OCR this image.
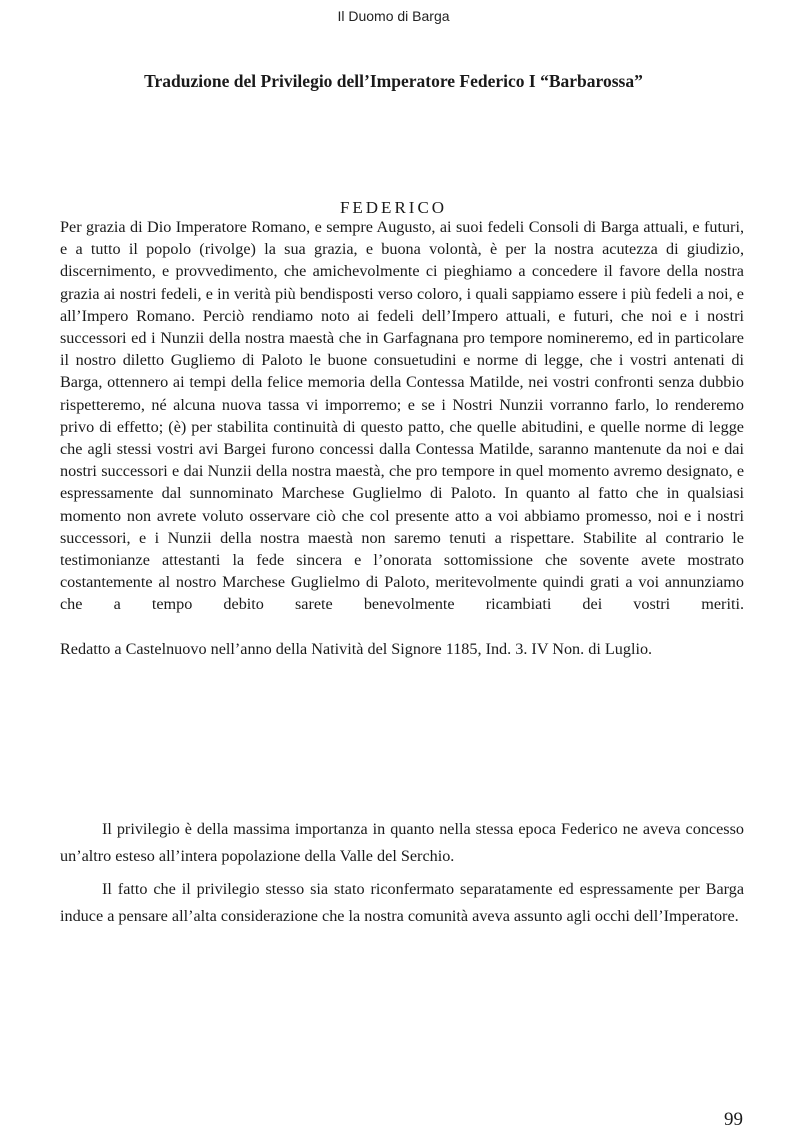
Il Duomo di Barga
Traduzione del Privilegio dell’Imperatore Federico I “Barbarossa”
FEDERICO

Per grazia di Dio Imperatore Romano, e sempre Augusto, ai suoi fedeli Consoli di Barga attuali, e futuri, e a tutto il popolo (rivolge) la sua grazia, e buona volontà, è per la nostra acutezza di giudizio, discernimento, e provvedimento, che amichevolmente ci pieghiamo a concedere il favore della nostra grazia ai nostri fedeli, e in verità più bendisposti verso coloro, i quali sappiamo essere i più fedeli a noi, e all’Impero Romano. Perciò rendiamo noto ai fedeli dell’Impero attuali, e futuri, che noi e i nostri successori ed i Nunzii della nostra maestà che in Garfagnana pro tempore nomineremo, ed in particolare il nostro diletto Gugliemo di Paloto le buone consuetudini e norme di legge, che i vostri antenati di Barga, ottennero ai tempi della felice memoria della Contessa Matilde, nei vostri confronti senza dubbio rispetteremo, né alcuna nuova tassa vi imporremo; e se i Nostri Nunzii vorranno farlo, lo renderemo privo di effetto; (è) per stabilita continuità di questo patto, che quelle abitudini, e quelle norme di legge che agli stessi vostri avi Bargei furono concessi dalla Contessa Matilde, saranno mantenute da noi e dai nostri successori e dai Nunzii della nostra maestà, che pro tempore in quel momento avremo designato, e espressamente dal sunnominato Marchese Guglielmo di Paloto. In quanto al fatto che in qualsiasi momento non avrete voluto osservare ciò che col presente atto a voi abbiamo promesso, noi e i nostri successori, e i Nunzii della nostra maestà non saremo tenuti a rispettare. Stabilite al contrario le testimonianze attestanti la fede sincera e l’onorata sottomissione che sovente avete mostrato costantemente al nostro Marchese Guglielmo di Paloto, meritevolmente quindi grati a voi annunziamo che a tempo debito sarete benevolmente ricambiati dei vostri meriti.

Redatto a Castelnuovo nell’anno della Natività del Signore 1185, Ind. 3. IV Non. di Luglio.

Il privilegio è della massima importanza in quanto nella stessa epoca Federico ne aveva concesso un’altro esteso all’intera popolazione della Valle del Serchio.

Il fatto che il privilegio stesso sia stato riconfermato separatamente ed espressamente per Barga induce a pensare all’alta considerazione che la nostra comunità aveva assunto agli occhi dell’Imperatore.

99
